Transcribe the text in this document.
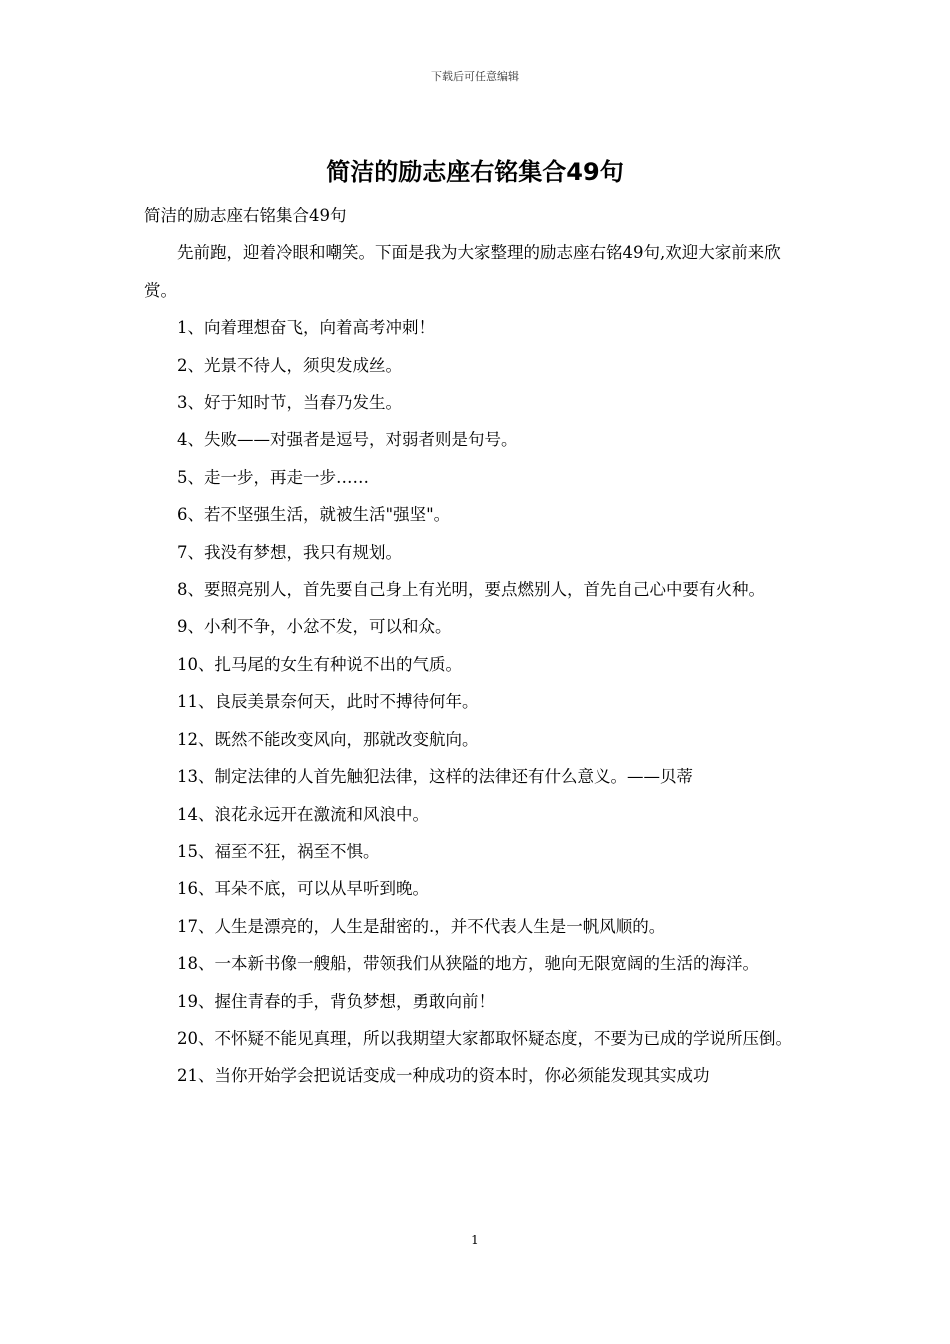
下载后可任意编辑
简洁的励志座右铭集合49句

简洁的励志座右铭集合49句

先前跑，迎着冷眼和嘲笑。下面是我为大家整理的励志座右铭49句,欢迎大家前来欣赏。

1、向着理想奋飞，向着高考冲刺！

2、光景不待人，须臾发成丝。

3、好于知时节，当春乃发生。

4、失败——对强者是逗号，对弱者则是句号。

5、走一步，再走一步……

6、若不坚强生活，就被生活"强坚"。

7、我没有梦想，我只有规划。

8、要照亮别人，首先要自己身上有光明，要点燃别人，首先自己心中要有火种。

9、小利不争，小忿不发，可以和众。

10、扎马尾的女生有种说不出的气质。

11、良辰美景奈何天，此时不搏待何年。

12、既然不能改变风向，那就改变航向。

13、制定法律的人首先触犯法律，这样的法律还有什么意义。——贝蒂

14、浪花永远开在激流和风浪中。

15、福至不狂，祸至不惧。

16、耳朵不底，可以从早听到晚。

17、人生是漂亮的，人生是甜密的.，并不代表人生是一帆风顺的。

18、一本新书像一艘船，带领我们从狭隘的地方，驰向无限宽阔的生活的海洋。

19、握住青春的手，背负梦想，勇敢向前！

20、不怀疑不能见真理，所以我期望大家都取怀疑态度，不要为已成的学说所压倒。

21、当你开始学会把说话变成一种成功的资本时，你必须能发现其实成功

1
